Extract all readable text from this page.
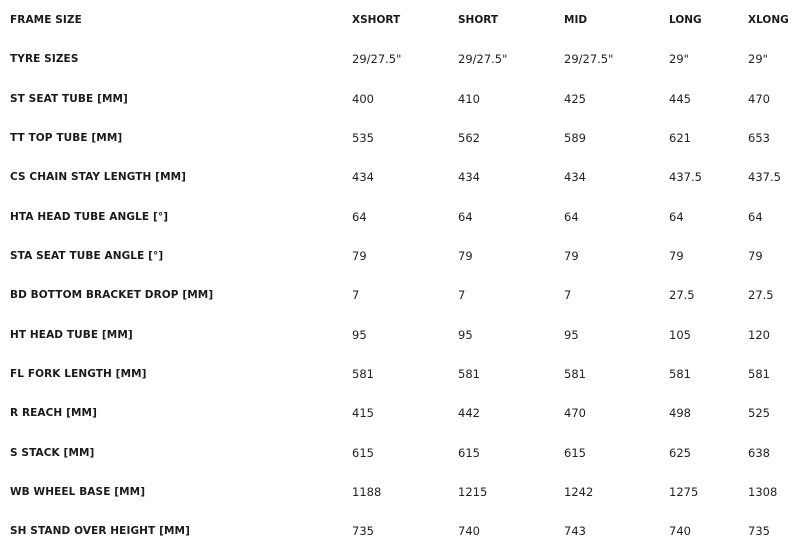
FRAME SIZE	XSHORT	SHORT	MID	LONG	XLONG
TYRE SIZES	29/27.5"	29/27.5"	29/27.5"	29"	29"
ST SEAT TUBE [MM]	400	410	425	445	470
TT TOP TUBE [MM]	535	562	589	621	653
CS CHAIN STAY LENGTH [MM]	434	434	434	437.5	437.5
HTA HEAD TUBE ANGLE [°]	64	64	64	64	64
STA SEAT TUBE ANGLE [°]	79	79	79	79	79
BD BOTTOM BRACKET DROP [MM]	7	7	7	27.5	27.5
HT HEAD TUBE [MM]	95	95	95	105	120
FL FORK LENGTH [MM]	581	581	581	581	581
R REACH [MM]	415	442	470	498	525
S STACK [MM]	615	615	615	625	638
WB WHEEL BASE [MM]	1188	1215	1242	1275	1308
SH STAND OVER HEIGHT [MM]	735	740	743	740	735
